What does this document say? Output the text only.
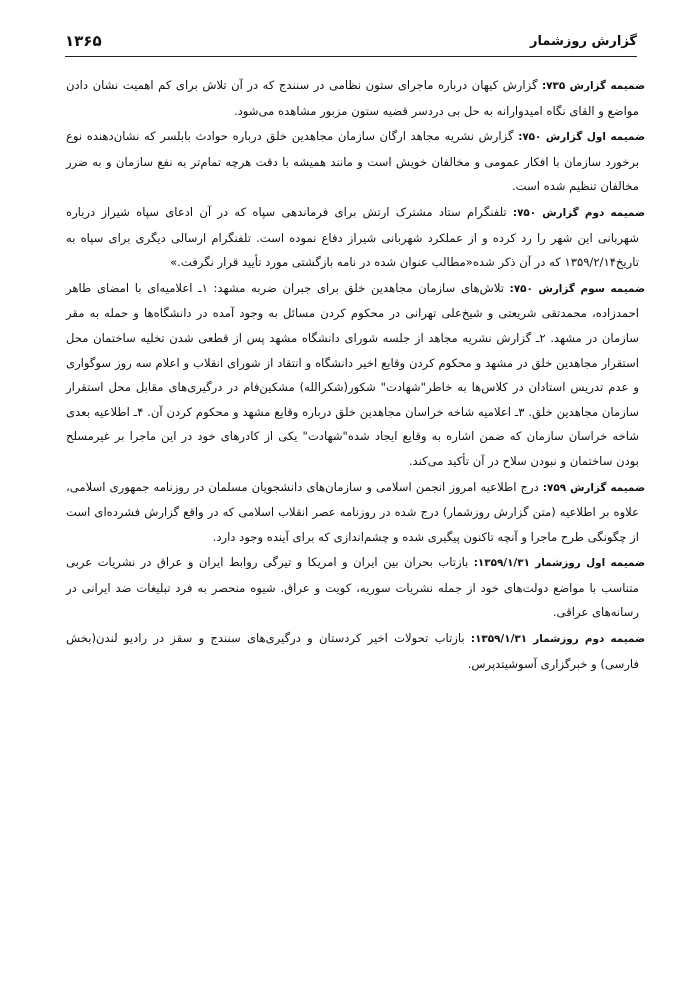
گزارش روزشمار
۱۳۶۵

ضمیمه گزارش ۷۳۵: گزارش کیهان درباره ماجرای ستون نظامی در سنندج که در آن تلاش برای کم اهمیت نشان دادن مواضع و القای نگاه امیدوارانه به حل بی دردسر قضیه ستون مزبور مشاهده می‌شود.

ضمیمه اول گزارش ۷۵۰: گزارش نشریه مجاهد ارگان سازمان مجاهدین خلق درباره حوادث بابلسر که نشان‌دهنده نوع برخورد سازمان با افکار عمومی و مخالفان خویش است و مانند همیشه با دقت هرچه تمام‌تر به نفع سازمان و به ضرر مخالفان تنظیم شده است.

ضمیمه دوم گزارش ۷۵۰: تلفنگرام ستاد مشترک ارتش برای فرماندهی سپاه که در آن ادعای سپاه شیراز درباره شهربانی این شهر را رد کرده و از عملکرد شهربانی شیراز دفاع نموده است. تلفنگرام ارسالی دیگری برای سپاه به تاریخ۱۳۵۹/۲/۱۴ که در آن ذکر شده«مطالب عنوان شده در نامه بازگشتی مورد تأیید قرار نگرفت.»

ضمیمه سوم گزارش ۷۵۰: تلاش‌های سازمان مجاهدین خلق برای جبران ضربه مشهد: ۱ـ اعلامیه‌ای با امضای طاهر احمدزاده، محمدتقی شریعتی و شیخ‌علی تهرانی در محکوم کردن مسائل به وجود آمده در دانشگاه‌ها و حمله به مقر سازمان در مشهد. ۲ـ گزارش نشریه مجاهد از جلسه شورای دانشگاه مشهد پس از قطعی شدن تخلیه ساختمان محل استقرار مجاهدین خلق در مشهد و محکوم کردن وقایع اخیر دانشگاه و انتقاد از شورای انقلاب و اعلام سه روز سوگواری و عدم تدریس استادان در کلاس‌ها به خاطر"شهادت" شکور(شکرالله) مشکین‌فام در درگیری‌های مقابل محل استقرار سازمان مجاهدین خلق. ۳ـ اعلامیه شاخه خراسان مجاهدین خلق درباره وقایع مشهد و محکوم کردن آن. ۴ـ اطلاعیه بعدی شاخه خراسان سازمان که ضمن اشاره به وقایع ایجاد شده"شهادت" یکی از کادرهای خود در این ماجرا بر غیرمسلح بودن ساختمان و نبودن سلاح در آن تأکید می‌کند.

ضمیمه گزارش ۷۵۹: درج اطلاعیه امروز انجمن اسلامی و سازمان‌های دانشجویان مسلمان در روزنامه جمهوری اسلامی، علاوه بر اطلاعیه (متن گزارش روزشمار) درج شده در روزنامه عصر انقلاب اسلامی که در واقع گزارش فشرده‌ای است از چگونگی طرح ماجرا و آنچه تاکنون پیگیری شده و چشم‌اندازی که برای آینده وجود دارد.

ضمیمه اول روزشمار ۱۳۵۹/۱/۳۱: بازتاب بحران بین ایران و امریکا و تیرگی روابط ایران و عراق در نشریات عربی متناسب با مواضع دولت‌های خود از جمله نشریات سوریه، کویت و عراق. شیوه منحصر به فرد تبلیغات ضد ایرانی در رسانه‌های عراقی.

ضمیمه دوم روزشمار ۱۳۵۹/۱/۳۱: بازتاب تحولات اخیر کردستان و درگیری‌های سنندج و سقز در رادیو لندن(بخش فارسی) و خبرگزاری آسوشیتدپرس.
